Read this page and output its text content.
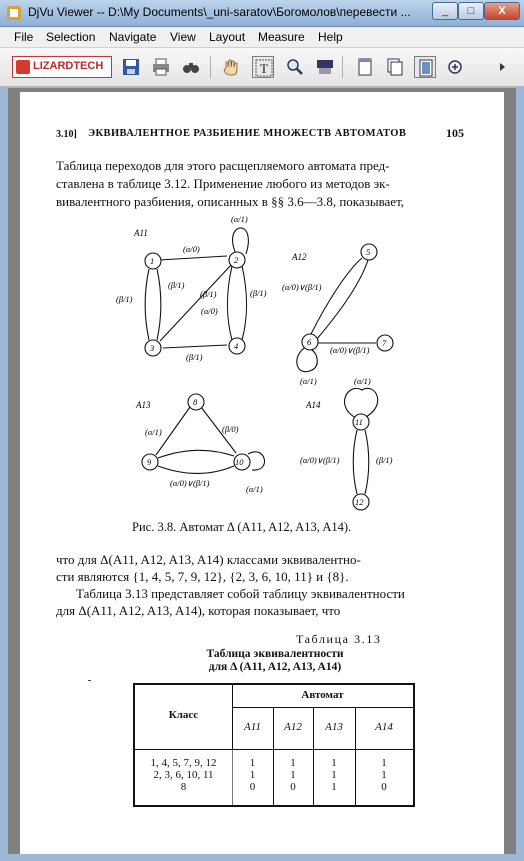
DjVu Viewer -- D:\My Documents\_uni-saratov\Богомолов\перевести ...	_	□	X
File Selection Navigate View Layout Measure Help
LIZARDTECH	T
3.10] ЭКВИВАЛЕНТНОЕ РАЗБИЕНИЕ МНОЖЕСТВ АВТОМАТОВ	105
Таблица переходов для этого расщепляемого автомата пред-
ставлена в таблице 3.12. Применение любого из методов эк-
вивалентного разбиения, описанных в §§ 3.6—3.8, показывает,
A11
(α/1)
(α/0)
(β/1)
(β/1)
(β/1)
(α/0)
(β/1)
(β/1)
1	2
3	4
A12
(α/0)∨(β/1)
(α/0)∨(β/1)
(α/1)
5
6	7
A13
(α/1)	(β/0)
(α/0)∨(β/1)
(α/1)
8
9	10
A14
(α/1)
(α/0)∨(β/1)	(β/1)
11
12
Рис. 3.8. Автомат Δ (A11, A12, A13, A14).
что для Δ(A11, A12, A13, A14) классами эквивалентно-
сти являются {1, 4, 5, 7, 9, 12}, {2, 3, 6, 10, 11} и {8}.
Таблица 3.13 представляет собой таблицу эквивалентности
для Δ(A11, A12, A13, A14), которая показывает, что
Таблица 3.13
Таблица эквивалентности
для Δ (A11, A12, A13, A14)
Класс
Автомат
A11	A12	A13	A14
1, 4, 5, 7, 9, 12	1	1	1	1
2, 3, 6, 10, 11	1	1	1	1
8	0	0	1	0
